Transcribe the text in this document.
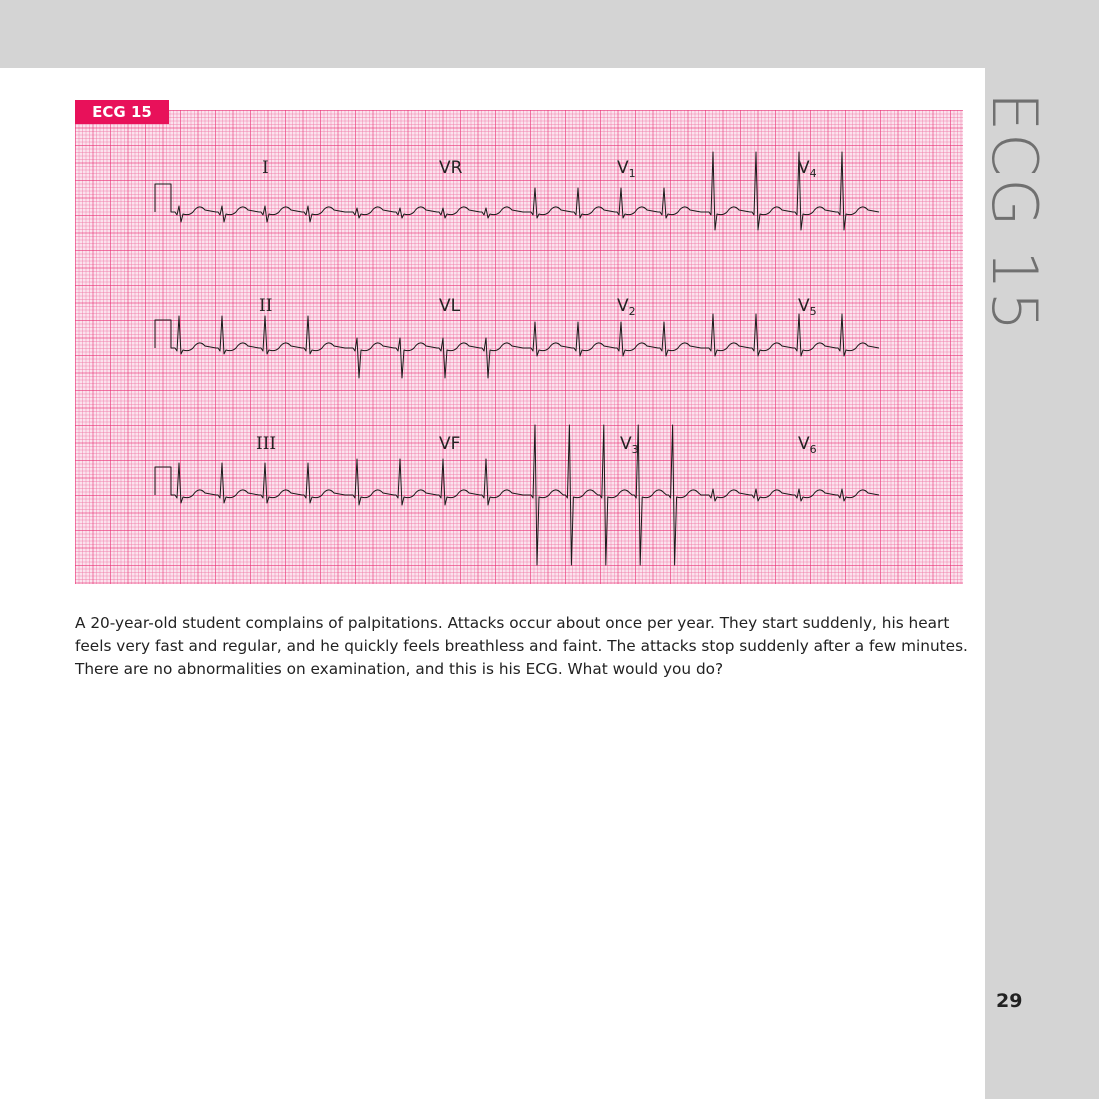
ECG 15
I	VR	$V_1$	$V_4$
II	VL	$V_2$	$V_5$
III	VF	$V_3$	$V_6$
ECG 15
A 20-year-old student complains of palpitations. Attacks occur about once per year. They start suddenly, his heart feels very fast and regular, and he quickly feels breathless and faint. The attacks stop suddenly after a few minutes. There are no abnormalities on examination, and this is his ECG. What would you do?
29
